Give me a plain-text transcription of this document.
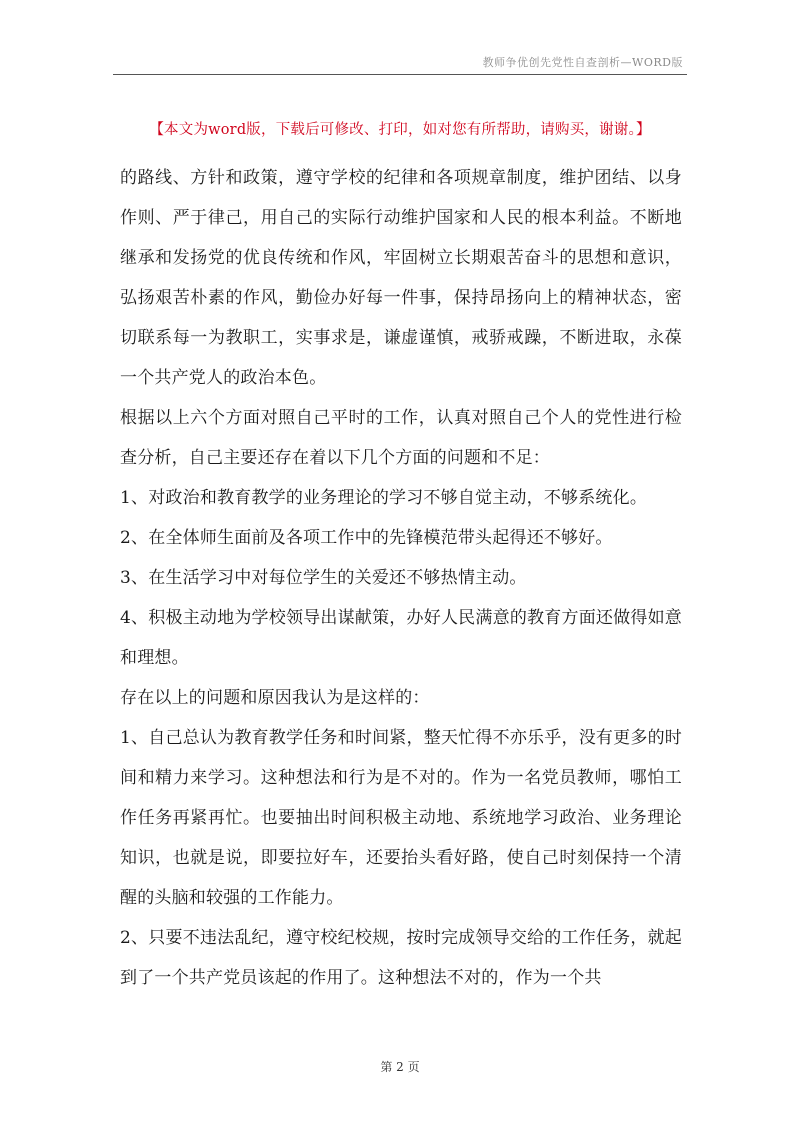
教师争优创先党性自查剖析—WORD版
【本文为word版，下载后可修改、打印，如对您有所帮助，请购买，谢谢。】

的路线、方针和政策，遵守学校的纪律和各项规章制度，维护团结、以身作则、严于律己，用自己的实际行动维护国家和人民的根本利益。不断地继承和发扬党的优良传统和作风，牢固树立长期艰苦奋斗的思想和意识，弘扬艰苦朴素的作风，勤俭办好每一件事，保持昂扬向上的精神状态，密切联系每一为教职工，实事求是，谦虚谨慎，戒骄戒躁，不断进取，永葆一个共产党人的政治本色。

根据以上六个方面对照自己平时的工作，认真对照自己个人的党性进行检查分析，自己主要还存在着以下几个方面的问题和不足：

1、对政治和教育教学的业务理论的学习不够自觉主动，不够系统化。

2、在全体师生面前及各项工作中的先锋模范带头起得还不够好。

3、在生活学习中对每位学生的关爱还不够热情主动。

4、积极主动地为学校领导出谋献策，办好人民满意的教育方面还做得如意和理想。

存在以上的问题和原因我认为是这样的：

1、自己总认为教育教学任务和时间紧，整天忙得不亦乐乎，没有更多的时间和精力来学习。这种想法和行为是不对的。作为一名党员教师，哪怕工作任务再紧再忙。也要抽出时间积极主动地、系统地学习政治、业务理论知识，也就是说，即要拉好车，还要抬头看好路，使自己时刻保持一个清醒的头脑和较强的工作能力。

2、只要不违法乱纪，遵守校纪校规，按时完成领导交给的工作任务，就起到了一个共产党员该起的作用了。这种想法不对的，作为一个共

第 2 页
